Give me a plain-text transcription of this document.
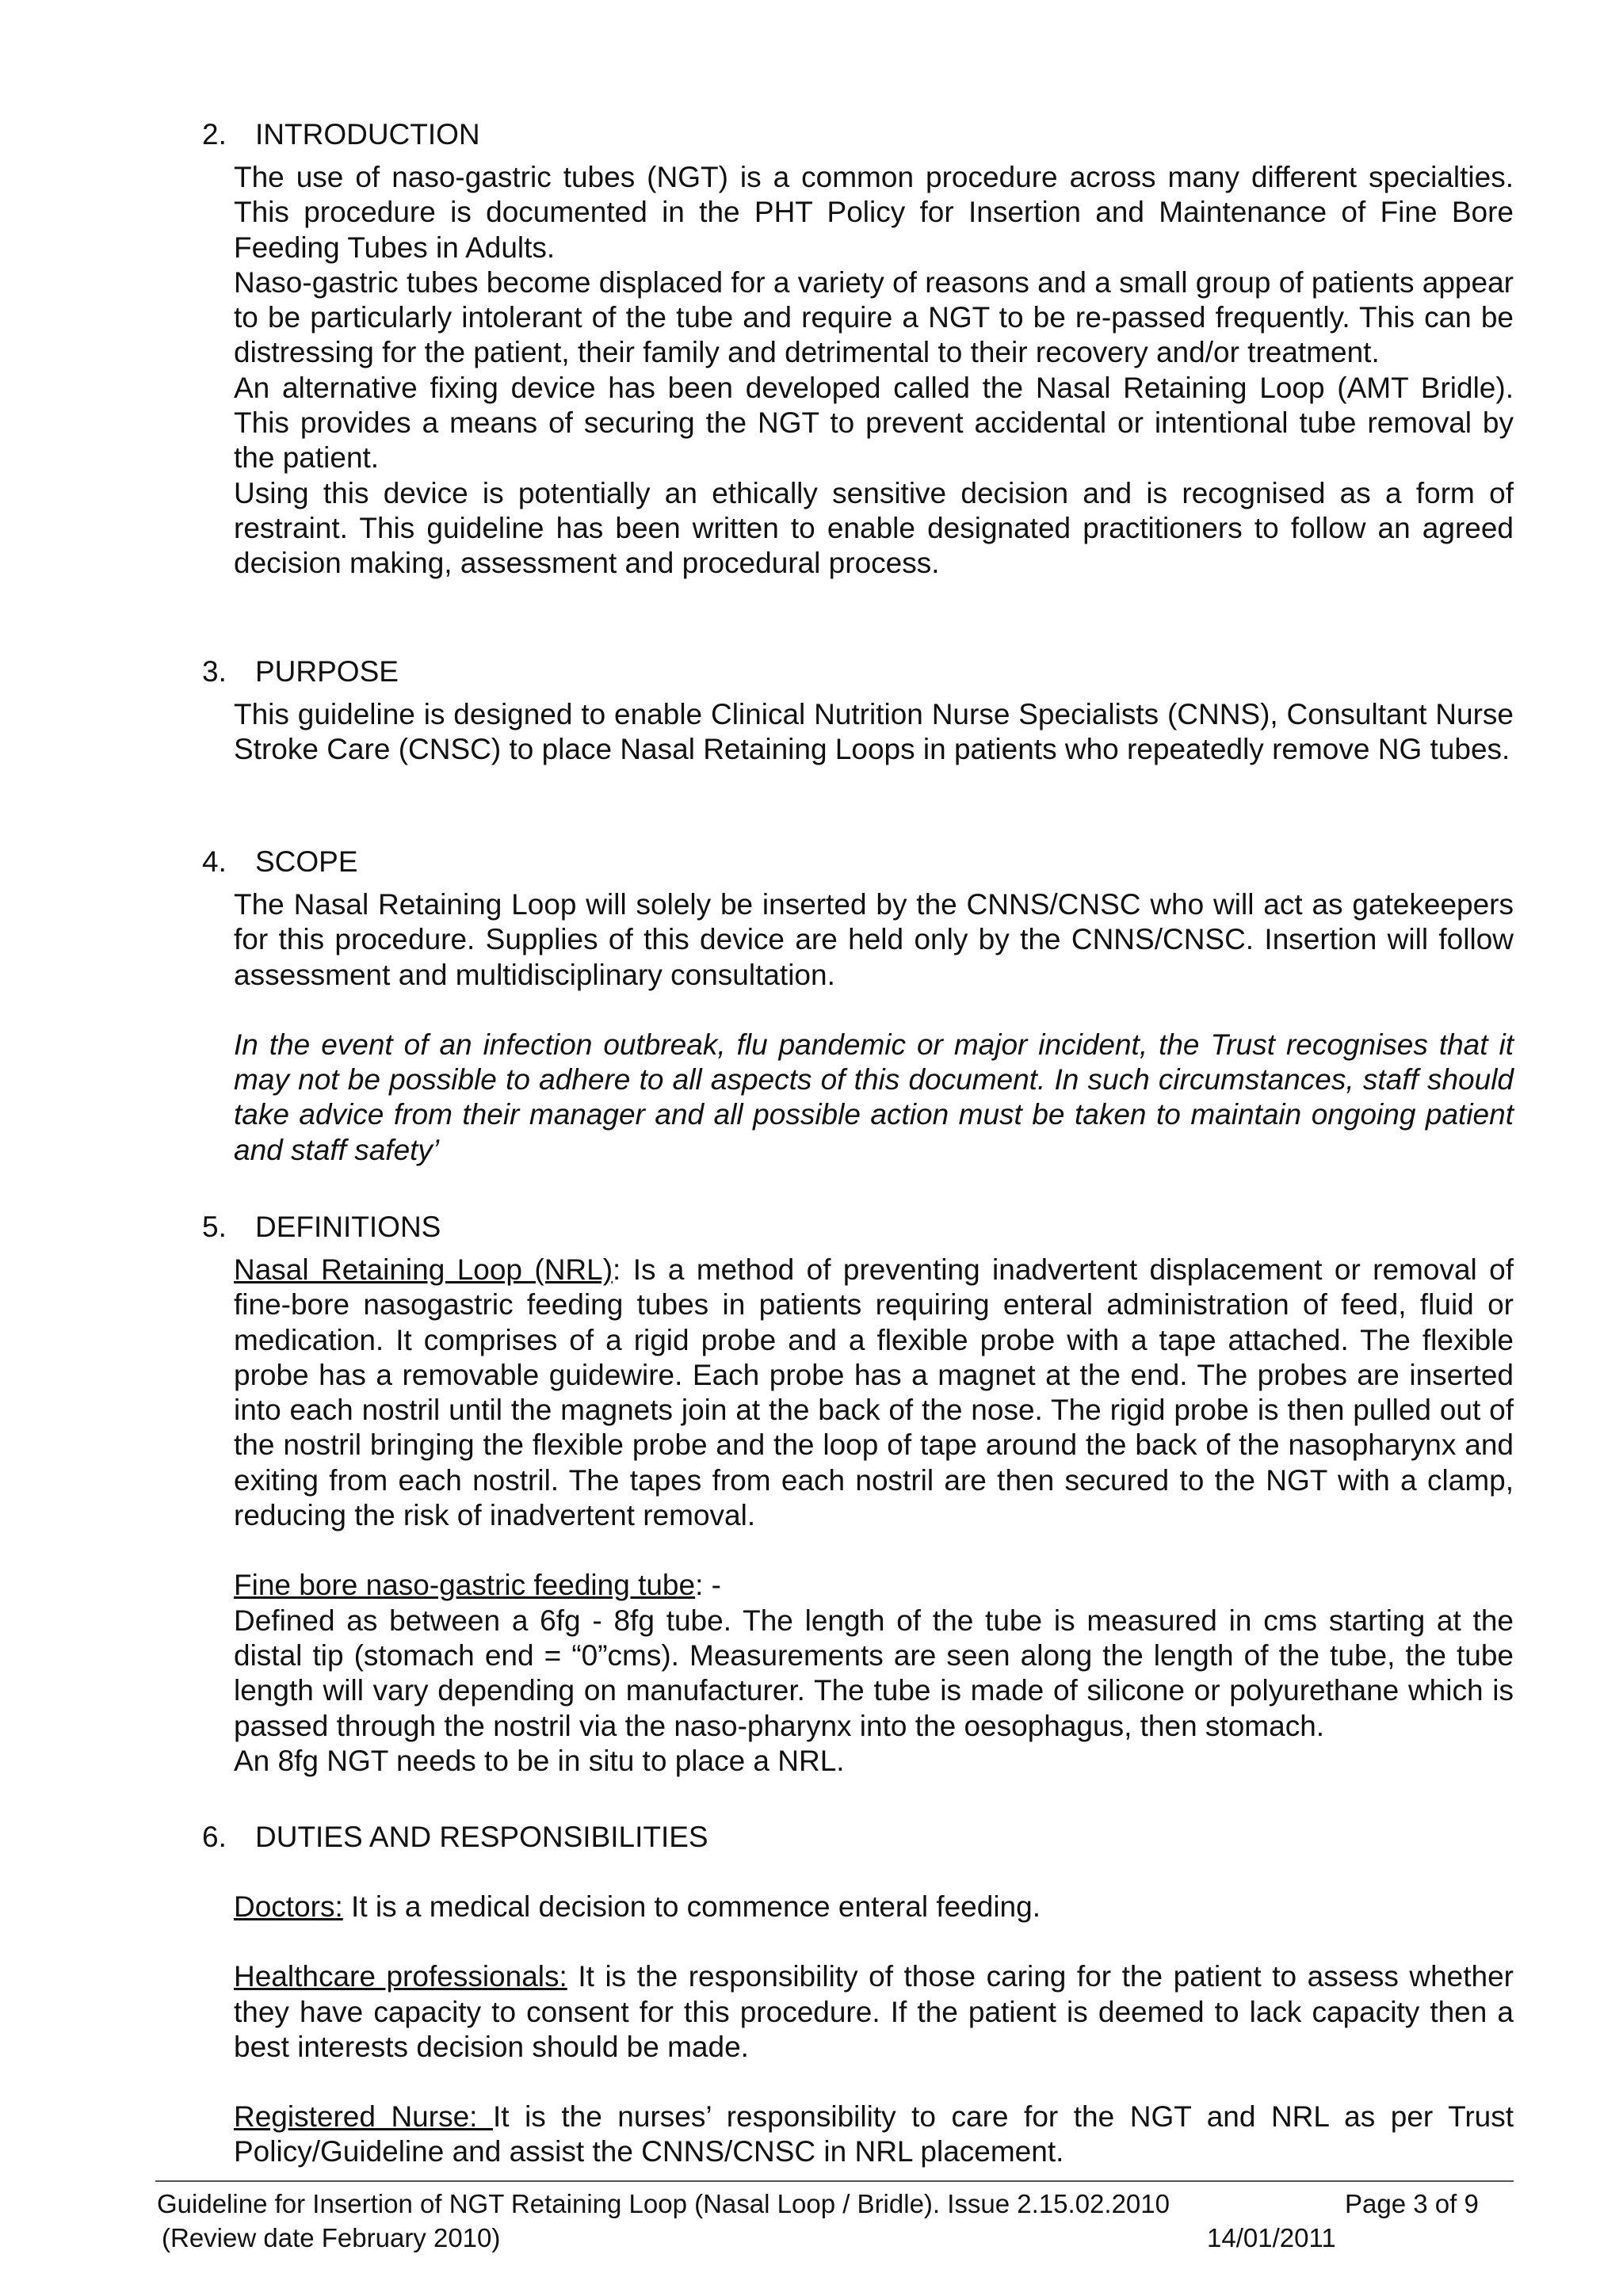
2. INTRODUCTION

The use of naso-gastric tubes (NGT) is a common procedure across many different specialties. This procedure is documented in the PHT Policy for Insertion and Maintenance of Fine Bore Feeding Tubes in Adults.

Naso-gastric tubes become displaced for a variety of reasons and a small group of patients appear to be particularly intolerant of the tube and require a NGT to be re-passed frequently. This can be distressing for the patient, their family and detrimental to their recovery and/or treatment.

An alternative fixing device has been developed called the Nasal Retaining Loop (AMT Bridle). This provides a means of securing the NGT to prevent accidental or intentional tube removal by the patient.

Using this device is potentially an ethically sensitive decision and is recognised as a form of restraint. This guideline has been written to enable designated practitioners to follow an agreed decision making, assessment and procedural process.

3. PURPOSE

This guideline is designed to enable Clinical Nutrition Nurse Specialists (CNNS), Consultant Nurse Stroke Care (CNSC) to place Nasal Retaining Loops in patients who repeatedly remove NG tubes.

4. SCOPE

The Nasal Retaining Loop will solely be inserted by the CNNS/CNSC who will act as gatekeepers for this procedure. Supplies of this device are held only by the CNNS/CNSC. Insertion will follow assessment and multidisciplinary consultation.

In the event of an infection outbreak, flu pandemic or major incident, the Trust recognises that it may not be possible to adhere to all aspects of this document. In such circumstances, staff should take advice from their manager and all possible action must be taken to maintain ongoing patient and staff safety’

5. DEFINITIONS

Nasal Retaining Loop (NRL): Is a method of preventing inadvertent displacement or removal of fine-bore nasogastric feeding tubes in patients requiring enteral administration of feed, fluid or medication. It comprises of a rigid probe and a flexible probe with a tape attached. The flexible probe has a removable guidewire. Each probe has a magnet at the end. The probes are inserted into each nostril until the magnets join at the back of the nose. The rigid probe is then pulled out of the nostril bringing the flexible probe and the loop of tape around the back of the nasopharynx and exiting from each nostril. The tapes from each nostril are then secured to the NGT with a clamp, reducing the risk of inadvertent removal.

Fine bore naso-gastric feeding tube: -

Defined as between a 6fg - 8fg tube. The length of the tube is measured in cms starting at the distal tip (stomach end = “0”cms). Measurements are seen along the length of the tube, the tube length will vary depending on manufacturer. The tube is made of silicone or polyurethane which is passed through the nostril via the naso-pharynx into the oesophagus, then stomach.

An 8fg NGT needs to be in situ to place a NRL.

6. DUTIES AND RESPONSIBILITIES

Doctors: It is a medical decision to commence enteral feeding.

Healthcare professionals: It is the responsibility of those caring for the patient to assess whether they have capacity to consent for this procedure. If the patient is deemed to lack capacity then a best interests decision should be made.

Registered Nurse: It is the nurses’ responsibility to care for the NGT and NRL as per Trust Policy/Guideline and assist the CNNS/CNSC in NRL placement.

Guideline for Insertion of NGT Retaining Loop (Nasal Loop / Bridle). Issue 2.15.02.2010	Page 3 of 9
(Review date February 2010)	14/01/2011
